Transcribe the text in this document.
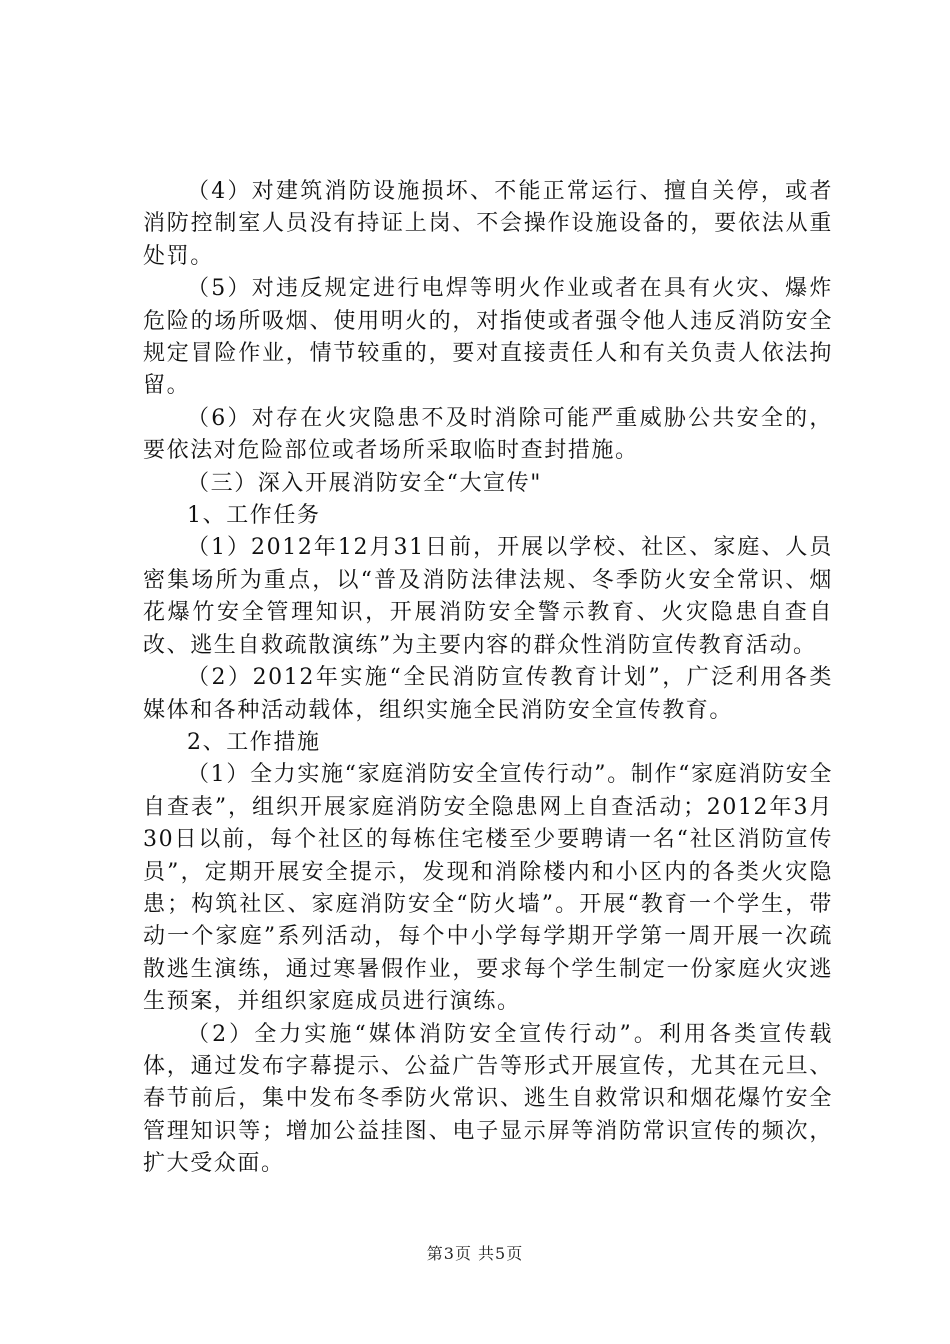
（4）对建筑消防设施损坏、不能正常运行、擅自关停，或者消防控制室人员没有持证上岗、不会操作设施设备的，要依法从重处罚。

（5）对违反规定进行电焊等明火作业或者在具有火灾、爆炸危险的场所吸烟、使用明火的，对指使或者强令他人违反消防安全规定冒险作业，情节较重的，要对直接责任人和有关负责人依法拘留。

（6）对存在火灾隐患不及时消除可能严重威胁公共安全的，要依法对危险部位或者场所采取临时查封措施。

（三）深入开展消防安全“大宣传"

1、工作任务

（1）2012年12月31日前，开展以学校、社区、家庭、人员密集场所为重点，以“普及消防法律法规、冬季防火安全常识、烟花爆竹安全管理知识，开展消防安全警示教育、火灾隐患自查自改、逃生自救疏散演练”为主要内容的群众性消防宣传教育活动。

（2）2012年实施“全民消防宣传教育计划”，广泛利用各类媒体和各种活动载体，组织实施全民消防安全宣传教育。

2、工作措施

（1）全力实施“家庭消防安全宣传行动”。制作“家庭消防安全自查表”，组织开展家庭消防安全隐患网上自查活动；2012年3月30日以前，每个社区的每栋住宅楼至少要聘请一名“社区消防宣传员”，定期开展安全提示，发现和消除楼内和小区内的各类火灾隐患；构筑社区、家庭消防安全“防火墙”。开展“教育一个学生，带动一个家庭”系列活动，每个中小学每学期开学第一周开展一次疏散逃生演练，通过寒暑假作业，要求每个学生制定一份家庭火灾逃生预案，并组织家庭成员进行演练。

（2）全力实施“媒体消防安全宣传行动”。利用各类宣传载体，通过发布字幕提示、公益广告等形式开展宣传，尤其在元旦、春节前后，集中发布冬季防火常识、逃生自救常识和烟花爆竹安全管理知识等；增加公益挂图、电子显示屏等消防常识宣传的频次，扩大受众面。

第3页 共5页
